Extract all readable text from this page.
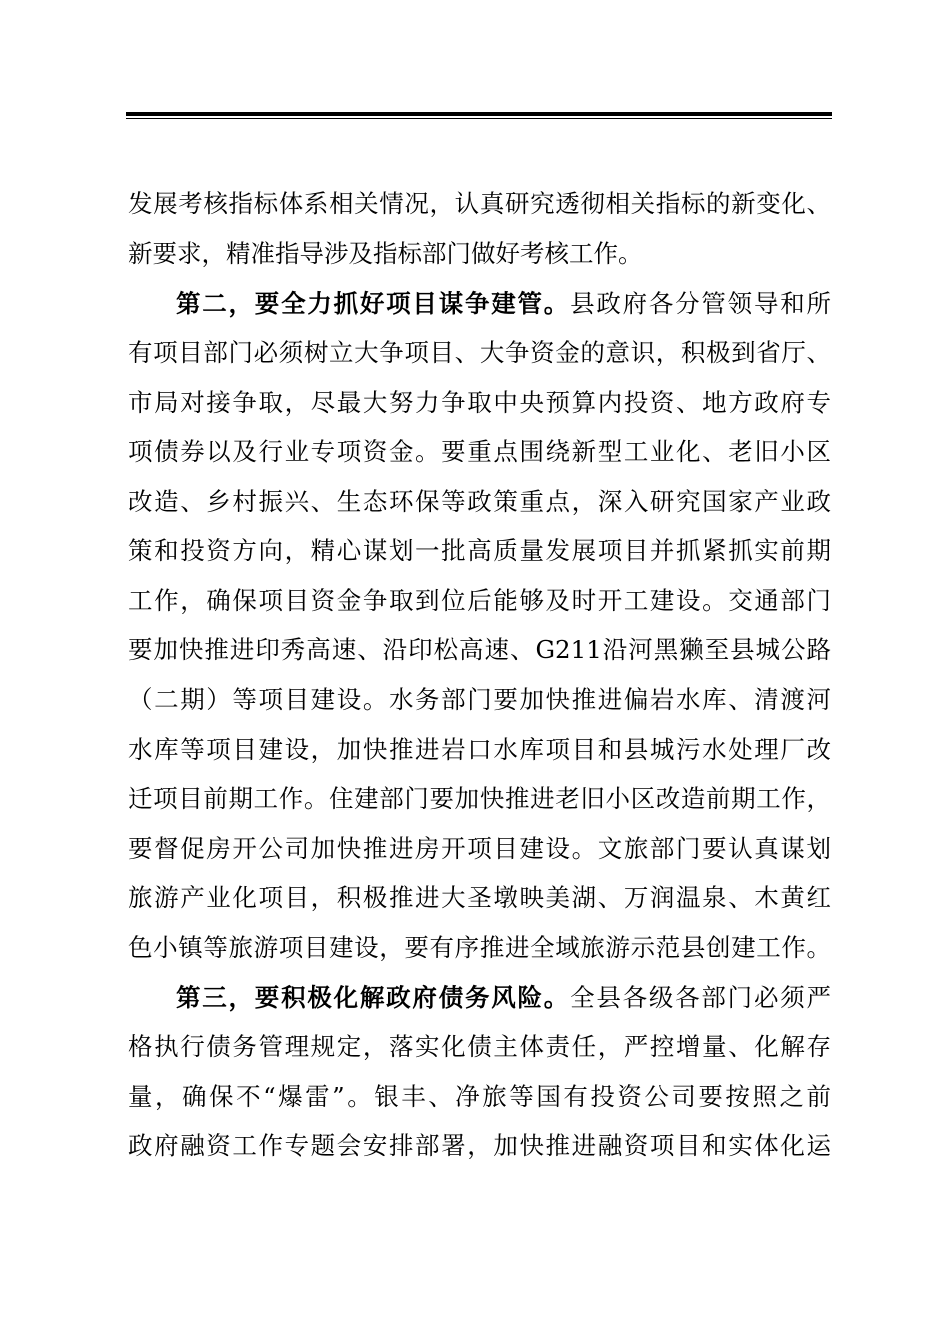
发展考核指标体系相关情况，认真研究透彻相关指标的新变化、
新要求，精准指导涉及指标部门做好考核工作。
第二，要全力抓好项目谋争建管。县政府各分管领导和所
有项目部门必须树立大争项目、大争资金的意识，积极到省厅、
市局对接争取，尽最大努力争取中央预算内投资、地方政府专
项债券以及行业专项资金。要重点围绕新型工业化、老旧小区
改造、乡村振兴、生态环保等政策重点，深入研究国家产业政
策和投资方向，精心谋划一批高质量发展项目并抓紧抓实前期
工作，确保项目资金争取到位后能够及时开工建设。交通部门
要加快推进印秀高速、沿印松高速、G211沿河黑獭至县城公路
（二期）等项目建设。水务部门要加快推进偏岩水库、清渡河
水库等项目建设，加快推进岩口水库项目和县城污水处理厂改
迁项目前期工作。住建部门要加快推进老旧小区改造前期工作，
要督促房开公司加快推进房开项目建设。文旅部门要认真谋划
旅游产业化项目，积极推进大圣墩映美湖、万润温泉、木黄红
色小镇等旅游项目建设，要有序推进全域旅游示范县创建工作。
第三，要积极化解政府债务风险。全县各级各部门必须严
格执行债务管理规定，落实化债主体责任，严控增量、化解存
量，确保不“爆雷”。银丰、净旅等国有投资公司要按照之前
政府融资工作专题会安排部署，加快推进融资项目和实体化运
